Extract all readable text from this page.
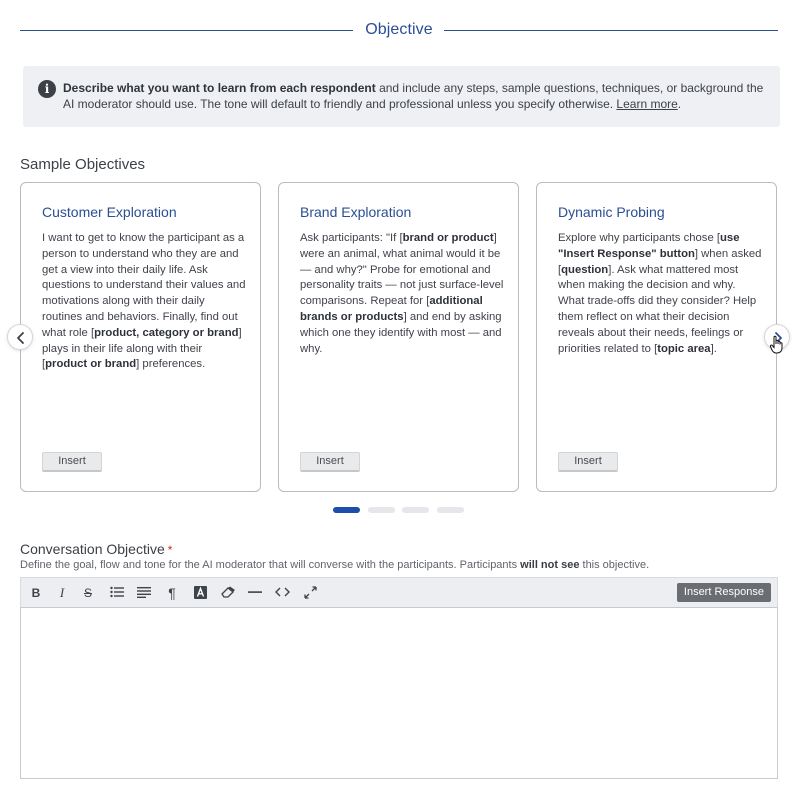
Objective
i	Describe what you want to learn from each respondent and include any steps, sample questions, techniques, or background the AI moderator should use. The tone will default to friendly and professional unless you specify otherwise. Learn more.
Sample Objectives
Customer Exploration
I want to get to know the participant as a person to understand who they are and get a view into their daily life. Ask questions to understand their values and motivations along with their daily routines and behaviors. Finally, find out what role [product, category or brand] plays in their life along with their [product or brand] preferences.
Insert
Brand Exploration
Ask participants: "If [brand or product] were an animal, what animal would it be — and why?" Probe for emotional and personality traits — not just surface-level comparisons. Repeat for [additional brands or products] and end by asking which one they identify with most — and why.
Insert
Dynamic Probing
Explore why participants chose [use "Insert Response" button] when asked [question]. Ask what mattered most when making the decision and why. What trade-offs did they consider? Help them reflect on what their decision reveals about their needs, feelings or priorities related to [topic area].
Insert
Conversation Objective *
Define the goal, flow and tone for the AI moderator that will converse with the participants. Participants will not see this objective.
B	I	S	¶	Insert Response
